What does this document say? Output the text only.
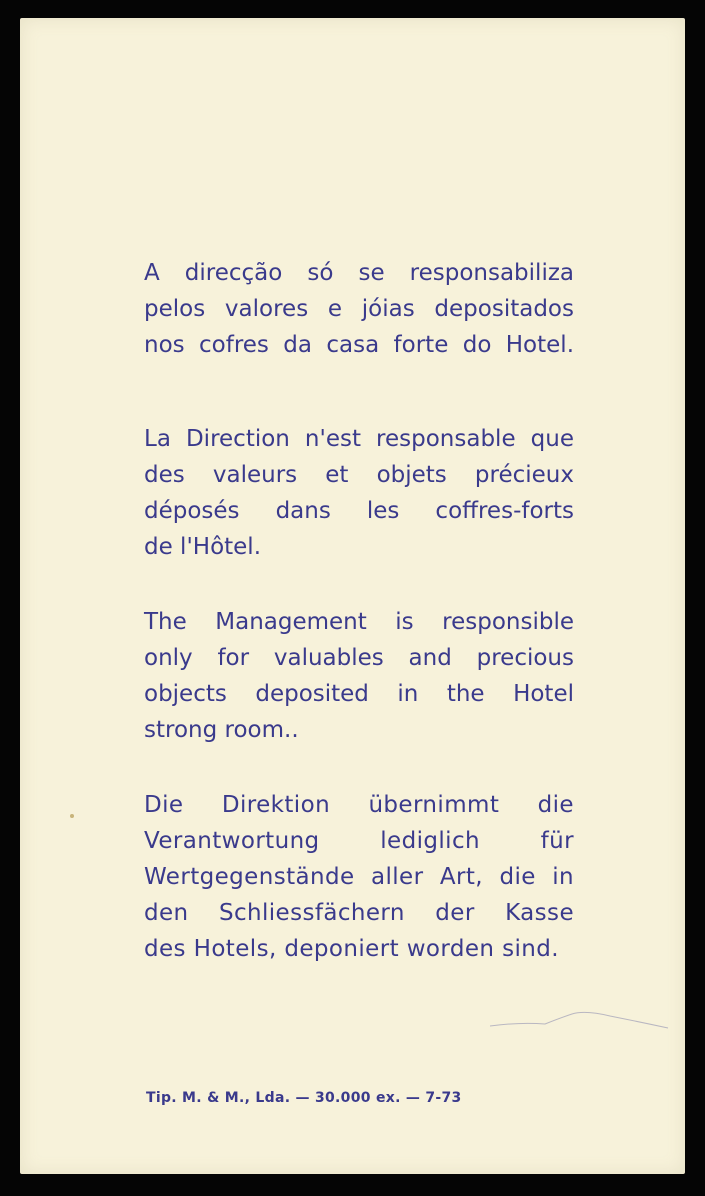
A direcção só se responsabiliza
pelos valores e jóias depositados
nos cofres da casa forte do Hotel.

La Direction n'est responsable que
des valeurs et objets précieux
déposés dans les coffres-forts
de l'Hôtel.

The Management is responsible
only for valuables and precious
objects deposited in the Hotel
strong room..

Die Direktion übernimmt die
Verantwortung lediglich für
Wertgegenstände aller Art, die in
den Schliessfächern der Kasse
des Hotels, deponiert worden sind.

Tip. M. & M., Lda. — 30.000 ex. — 7-73
